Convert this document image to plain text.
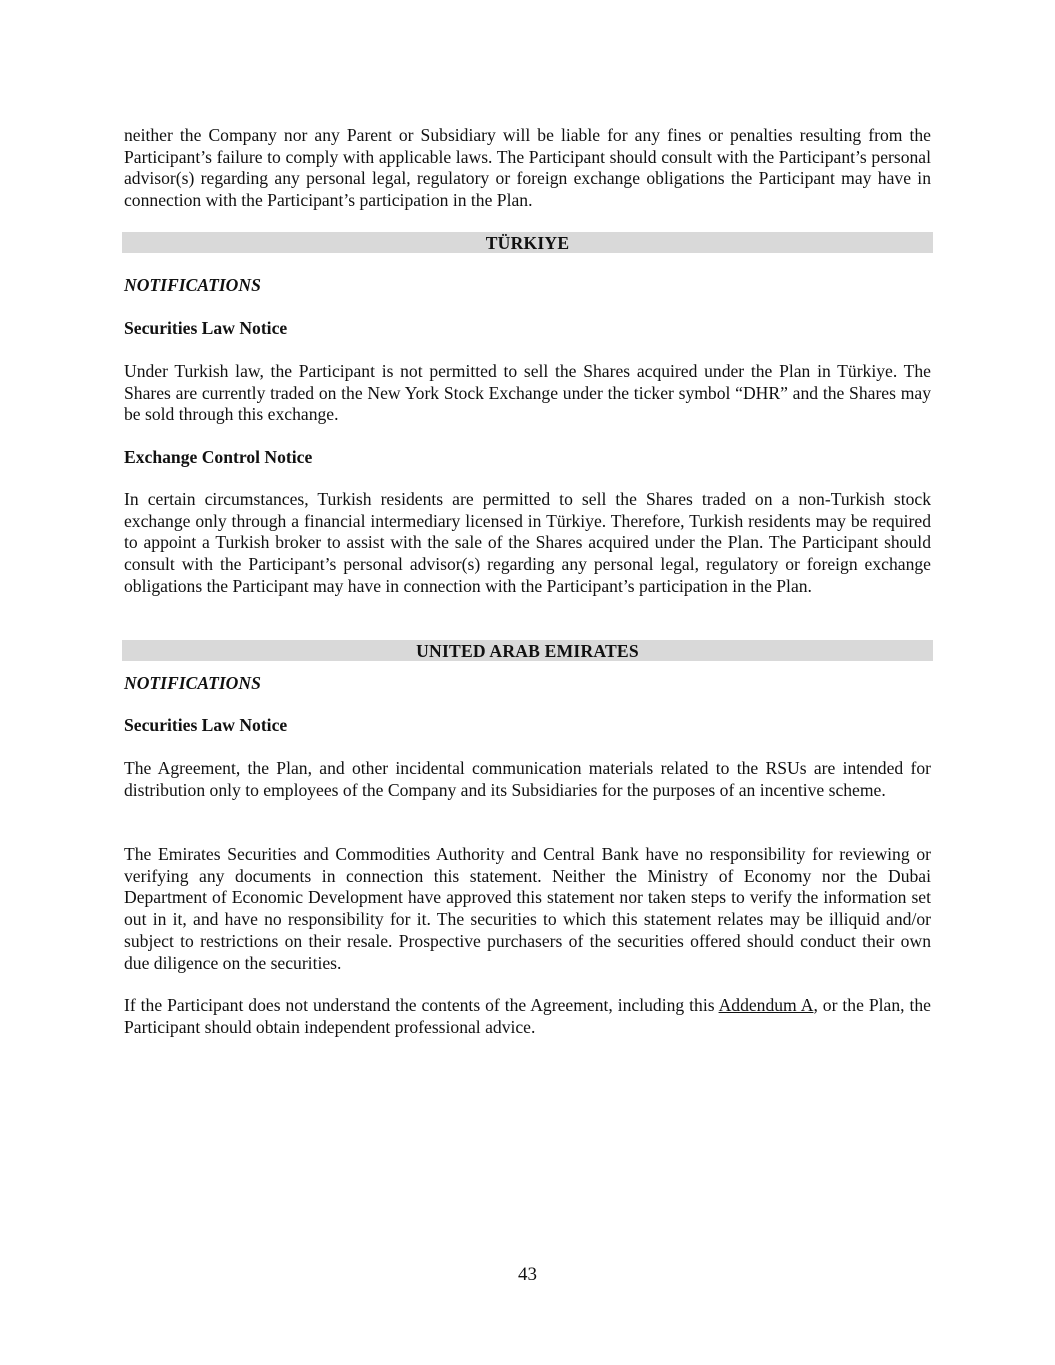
neither the Company nor any Parent or Subsidiary will be liable for any fines or penalties resulting from the Participant’s failure to comply with applicable laws. The Participant should consult with the Participant’s personal advisor(s) regarding any personal legal, regulatory or foreign exchange obligations the Participant may have in connection with the Participant’s participation in the Plan.

TÜRKIYE

NOTIFICATIONS

Securities Law Notice

Under Turkish law, the Participant is not permitted to sell the Shares acquired under the Plan in Türkiye. The Shares are currently traded on the New York Stock Exchange under the ticker symbol “DHR” and the Shares may be sold through this exchange.

Exchange Control Notice

In certain circumstances, Turkish residents are permitted to sell the Shares traded on a non-Turkish stock exchange only through a financial intermediary licensed in Türkiye. Therefore, Turkish residents may be required to appoint a Turkish broker to assist with the sale of the Shares acquired under the Plan. The Participant should consult with the Participant’s personal advisor(s) regarding any personal legal, regulatory or foreign exchange obligations the Participant may have in connection with the Participant’s participation in the Plan.

UNITED ARAB EMIRATES

NOTIFICATIONS

Securities Law Notice

The Agreement, the Plan, and other incidental communication materials related to the RSUs are intended for distribution only to employees of the Company and its Subsidiaries for the purposes of an incentive scheme.

The Emirates Securities and Commodities Authority and Central Bank have no responsibility for reviewing or verifying any documents in connection this statement. Neither the Ministry of Economy nor the Dubai Department of Economic Development have approved this statement nor taken steps to verify the information set out in it, and have no responsibility for it. The securities to which this statement relates may be illiquid and/or subject to restrictions on their resale. Prospective purchasers of the securities offered should conduct their own due diligence on the securities.

If the Participant does not understand the contents of the Agreement, including this Addendum A, or the Plan, the Participant should obtain independent professional advice.

43
